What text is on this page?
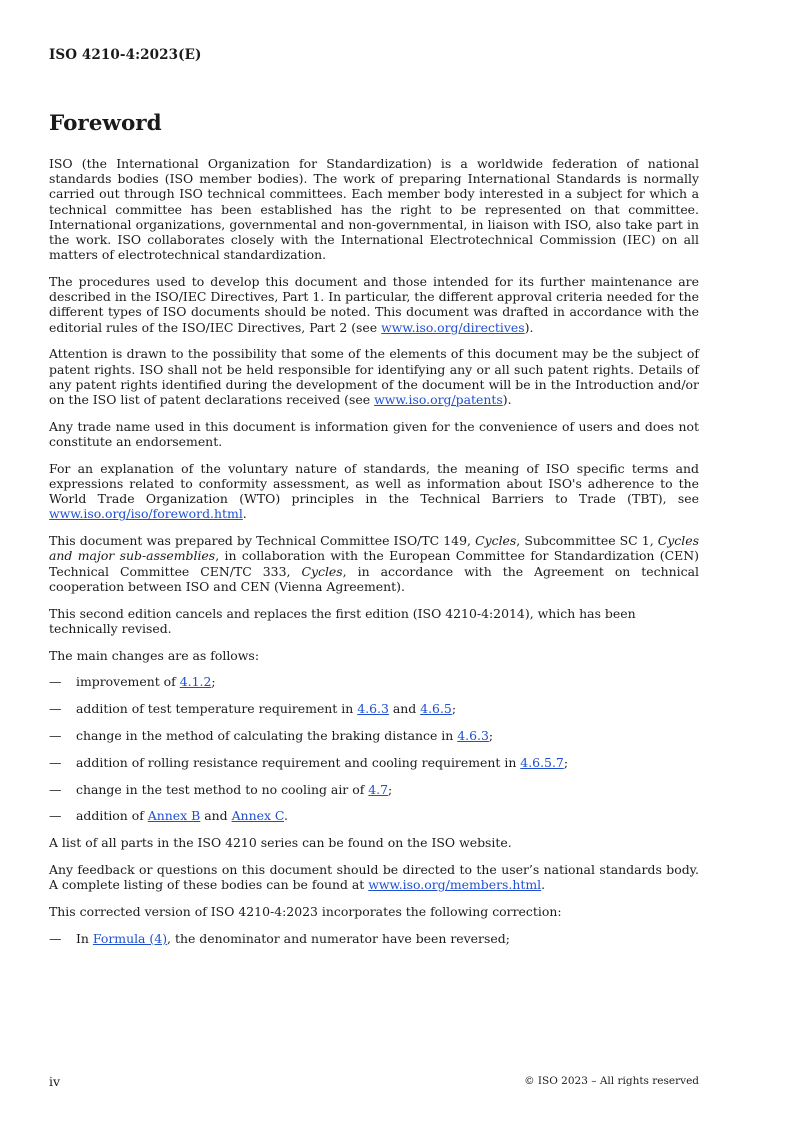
ISO 4210-4:2023(E)
Foreword

ISO (the International Organization for Standardization) is a worldwide federation of national standards bodies (ISO member bodies). The work of preparing International Standards is normally carried out through ISO technical committees. Each member body interested in a subject for which a technical committee has been established has the right to be represented on that committee. International organizations, governmental and non-governmental, in liaison with ISO, also take part in the work. ISO collaborates closely with the International Electrotechnical Commission (IEC) on all matters of electrotechnical standardization.

The procedures used to develop this document and those intended for its further maintenance are described in the ISO/IEC Directives, Part 1. In particular, the different approval criteria needed for the different types of ISO documents should be noted. This document was drafted in accordance with the editorial rules of the ISO/IEC Directives, Part 2 (see www.iso.org/directives).

Attention is drawn to the possibility that some of the elements of this document may be the subject of patent rights. ISO shall not be held responsible for identifying any or all such patent rights. Details of any patent rights identified during the development of the document will be in the Introduction and/or on the ISO list of patent declarations received (see www.iso.org/patents).

Any trade name used in this document is information given for the convenience of users and does not constitute an endorsement.

For an explanation of the voluntary nature of standards, the meaning of ISO specific terms and expressions related to conformity assessment, as well as information about ISO's adherence to the World Trade Organization (WTO) principles in the Technical Barriers to Trade (TBT), see www.iso.org/iso/foreword.html.

This document was prepared by Technical Committee ISO/TC 149, Cycles, Subcommittee SC 1, Cycles and major sub-assemblies, in collaboration with the European Committee for Standardization (CEN) Technical Committee CEN/TC 333, Cycles, in accordance with the Agreement on technical cooperation between ISO and CEN (Vienna Agreement).

This second edition cancels and replaces the first edition (ISO 4210-4:2014), which has been technically revised.

The main changes are as follows:

—	improvement of 4.1.2;
—	addition of test temperature requirement in 4.6.3 and 4.6.5;
—	change in the method of calculating the braking distance in 4.6.3;
—	addition of rolling resistance requirement and cooling requirement in 4.6.5.7;
—	change in the test method to no cooling air of 4.7;
—	addition of Annex B and Annex C.

A list of all parts in the ISO 4210 series can be found on the ISO website.

Any feedback or questions on this document should be directed to the user’s national standards body. A complete listing of these bodies can be found at www.iso.org/members.html.

This corrected version of ISO 4210-4:2023 incorporates the following correction:

—	In Formula (4), the denominator and numerator have been reversed;
iv	© ISO 2023 – All rights reserved
